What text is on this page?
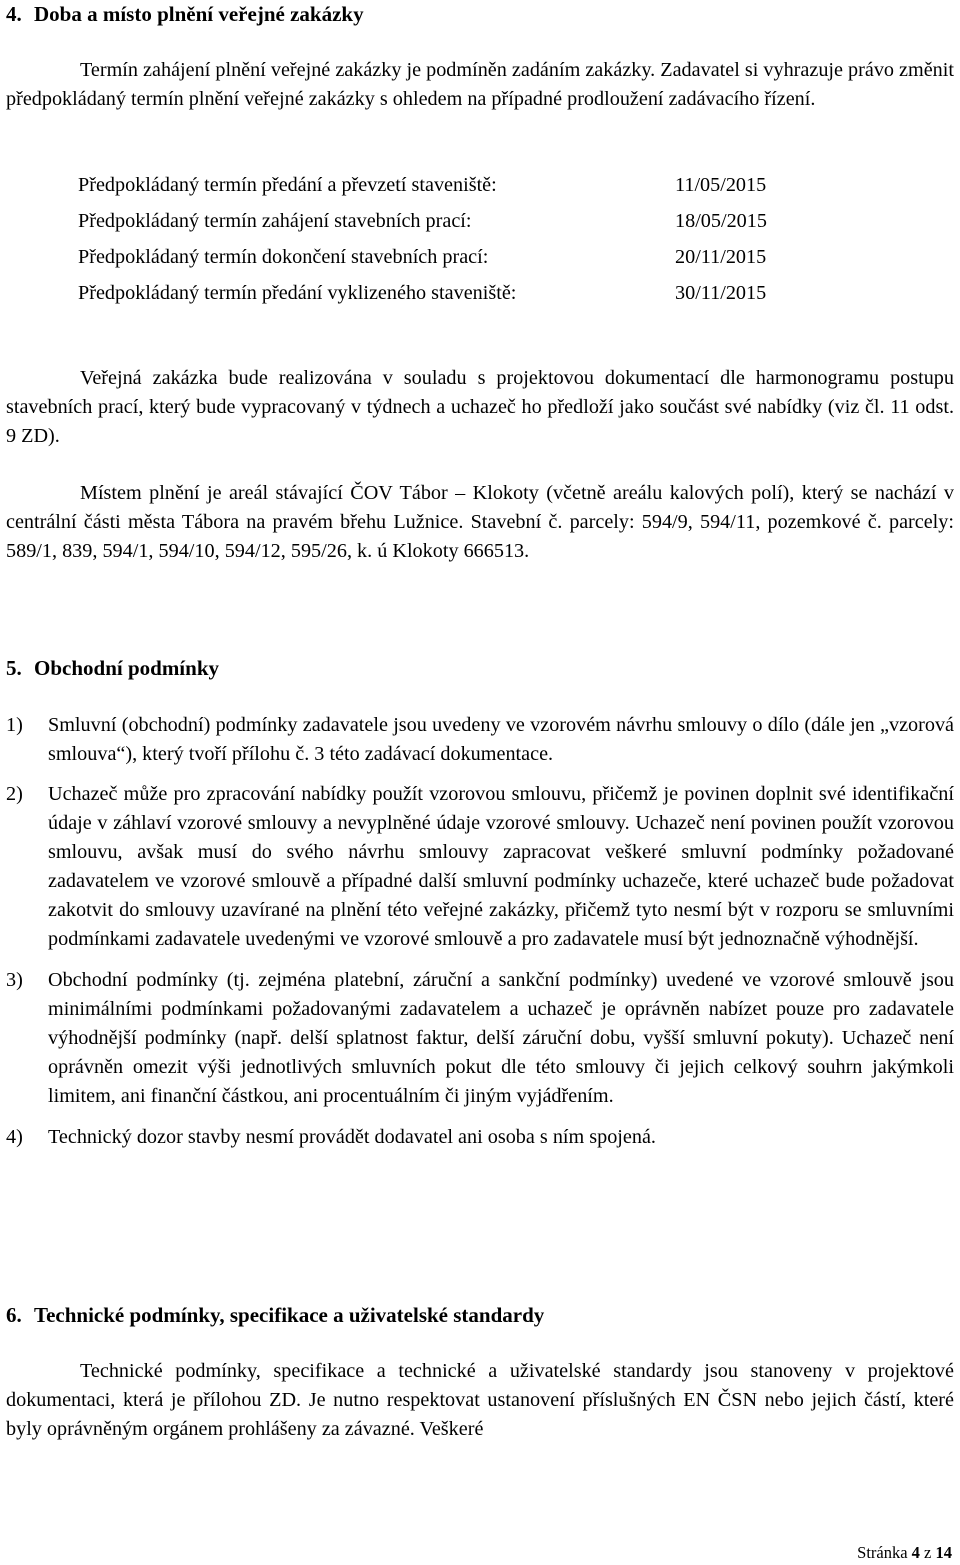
4. Doba a místo plnění veřejné zakázky

Termín zahájení plnění veřejné zakázky je podmíněn zadáním zakázky. Zadavatel si vyhrazuje právo změnit předpokládaný termín plnění veřejné zakázky s ohledem na případné prodloužení zadávacího řízení.

Předpokládaný termín předání a převzetí staveniště:	11/05/2015
Předpokládaný termín zahájení stavebních prací:	18/05/2015
Předpokládaný termín dokončení stavebních prací:	20/11/2015
Předpokládaný termín předání vyklizeného staveniště:	30/11/2015

Veřejná zakázka bude realizována v souladu s projektovou dokumentací dle harmonogramu postupu stavebních prací, který bude vypracovaný v týdnech a uchazeč ho předloží jako součást své nabídky (viz čl. 11 odst. 9 ZD).

Místem plnění je areál stávající ČOV Tábor – Klokoty (včetně areálu kalových polí), který se nachází v centrální části města Tábora na pravém břehu Lužnice. Stavební č. parcely: 594/9, 594/11, pozemkové č. parcely: 589/1, 839, 594/1, 594/10, 594/12, 595/26, k. ú Klokoty 666513.

5. Obchodní podmínky

1) Smluvní (obchodní) podmínky zadavatele jsou uvedeny ve vzorovém návrhu smlouvy o dílo (dále jen „vzorová smlouva“), který tvoří přílohu č. 3 této zadávací dokumentace.

2) Uchazeč může pro zpracování nabídky použít vzorovou smlouvu, přičemž je povinen doplnit své identifikační údaje v záhlaví vzorové smlouvy a nevyplněné údaje vzorové smlouvy. Uchazeč není povinen použít vzorovou smlouvu, avšak musí do svého návrhu smlouvy zapracovat veškeré smluvní podmínky požadované zadavatelem ve vzorové smlouvě a případné další smluvní podmínky uchazeče, které uchazeč bude požadovat zakotvit do smlouvy uzavírané na plnění této veřejné zakázky, přičemž tyto nesmí být v rozporu se smluvními podmínkami zadavatele uvedenými ve vzorové smlouvě a pro zadavatele musí být jednoznačně výhodnější.

3) Obchodní podmínky (tj. zejména platební, záruční a sankční podmínky) uvedené ve vzorové smlouvě jsou minimálními podmínkami požadovanými zadavatelem a uchazeč je oprávněn nabízet pouze pro zadavatele výhodnější podmínky (např. delší splatnost faktur, delší záruční dobu, vyšší smluvní pokuty). Uchazeč není oprávněn omezit výši jednotlivých smluvních pokut dle této smlouvy či jejich celkový souhrn jakýmkoli limitem, ani finanční částkou, ani procentuálním či jiným vyjádřením.

4) Technický dozor stavby nesmí provádět dodavatel ani osoba s ním spojená.

6. Technické podmínky, specifikace a uživatelské standardy

Technické podmínky, specifikace a technické a uživatelské standardy jsou stanoveny v projektové dokumentaci, která je přílohou ZD. Je nutno respektovat ustanovení příslušných EN ČSN nebo jejich částí, které byly oprávněným orgánem prohlášeny za závazné. Veškeré

Stránka 4 z 14
